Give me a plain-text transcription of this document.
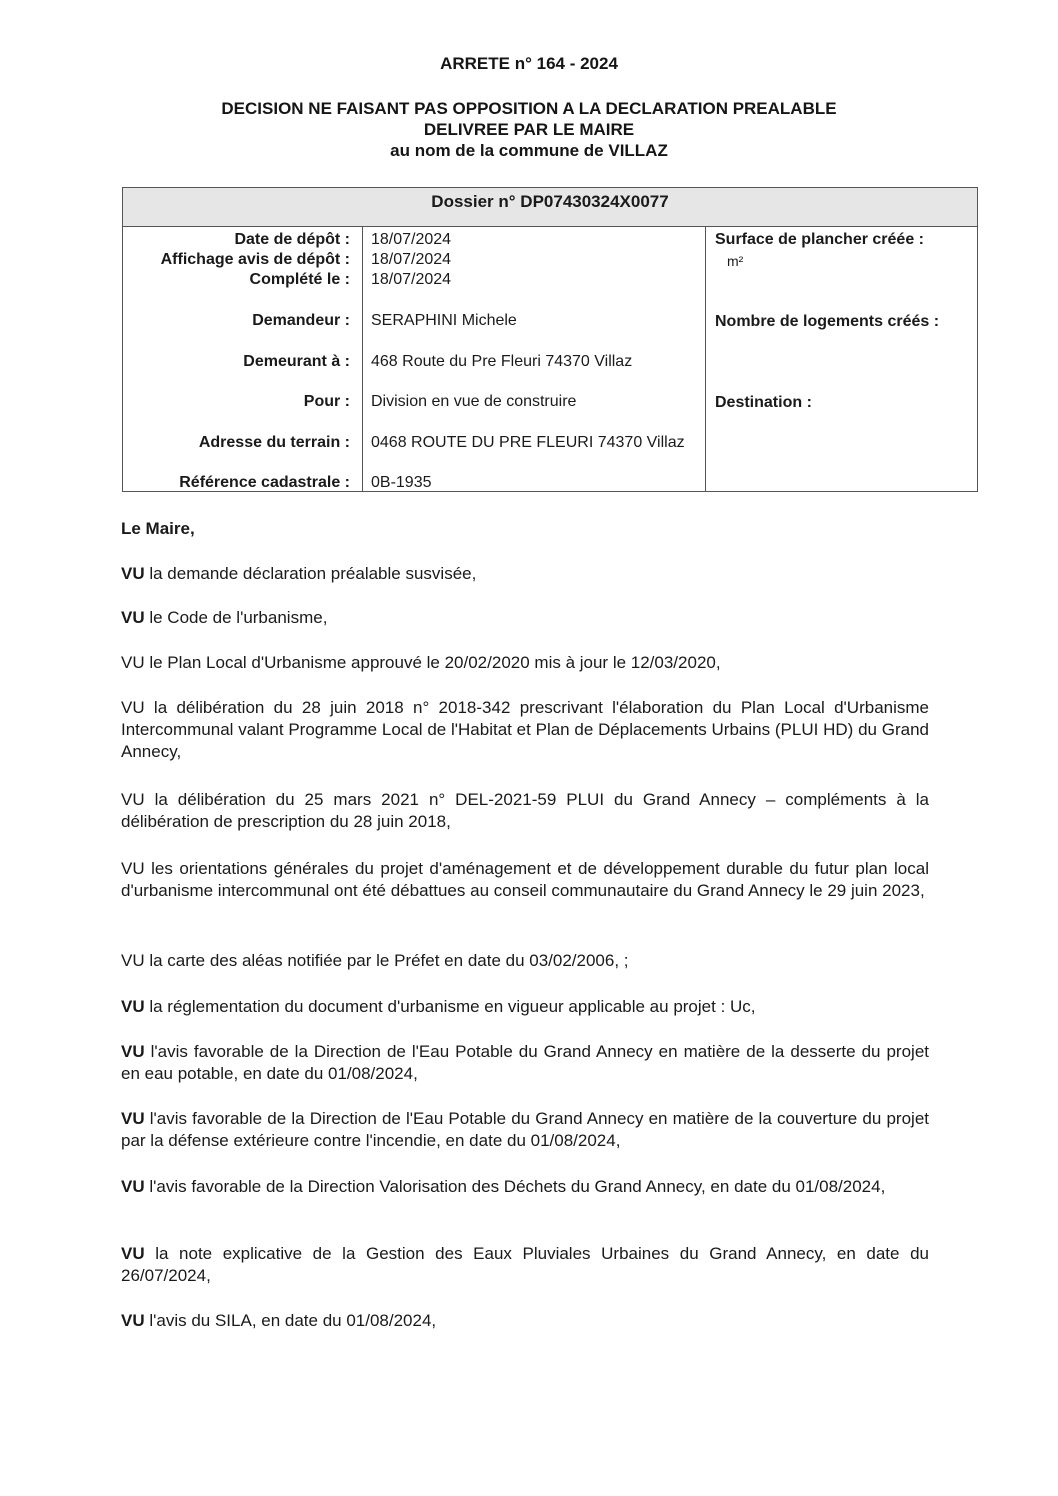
ARRETE n° 164 - 2024
DECISION NE FAISANT PAS OPPOSITION A LA DECLARATION PREALABLE
DELIVREE PAR LE MAIRE
au nom de la commune de VILLAZ
Dossier n° DP07430324X0077
Date de dépôt : 18/07/2024
Affichage avis de dépôt : 18/07/2024
Complété le : 18/07/2024
Demandeur : SERAPHINI Michele
Demeurant à : 468 Route du Pre Fleuri 74370 Villaz
Pour : Division en vue de construire
Adresse du terrain : 0468 ROUTE DU PRE FLEURI 74370 Villaz
Référence cadastrale : 0B-1935
Surface de plancher créée :
m²
Nombre de logements créés :
Destination :
Le Maire,
VU la demande déclaration préalable susvisée,
VU le Code de l'urbanisme,
VU le Plan Local d'Urbanisme approuvé le 20/02/2020 mis à jour le 12/03/2020,
VU la délibération du 28 juin 2018 n° 2018-342 prescrivant l'élaboration du Plan Local d'Urbanisme Intercommunal valant Programme Local de l'Habitat et Plan de Déplacements Urbains (PLUI HD) du Grand Annecy,
VU la délibération du 25 mars 2021 n° DEL-2021-59 PLUI du Grand Annecy – compléments à la délibération de prescription du 28 juin 2018,
VU les orientations générales du projet d'aménagement et de développement durable du futur plan local d'urbanisme intercommunal ont été débattues au conseil communautaire du Grand Annecy le 29 juin 2023,
VU la carte des aléas notifiée par le Préfet en date du 03/02/2006, ;
VU la réglementation du document d'urbanisme en vigueur applicable au projet : Uc,
VU l'avis favorable de la Direction de l'Eau Potable du Grand Annecy en matière de la desserte du projet en eau potable, en date du 01/08/2024,
VU l'avis favorable de la Direction de l'Eau Potable du Grand Annecy en matière de la couverture du projet par la défense extérieure contre l'incendie, en date du 01/08/2024,
VU l'avis favorable de la Direction Valorisation des Déchets du Grand Annecy, en date du 01/08/2024,
VU la note explicative de la Gestion des Eaux Pluviales Urbaines du Grand Annecy, en date du 26/07/2024,
VU l'avis du SILA, en date du 01/08/2024,
